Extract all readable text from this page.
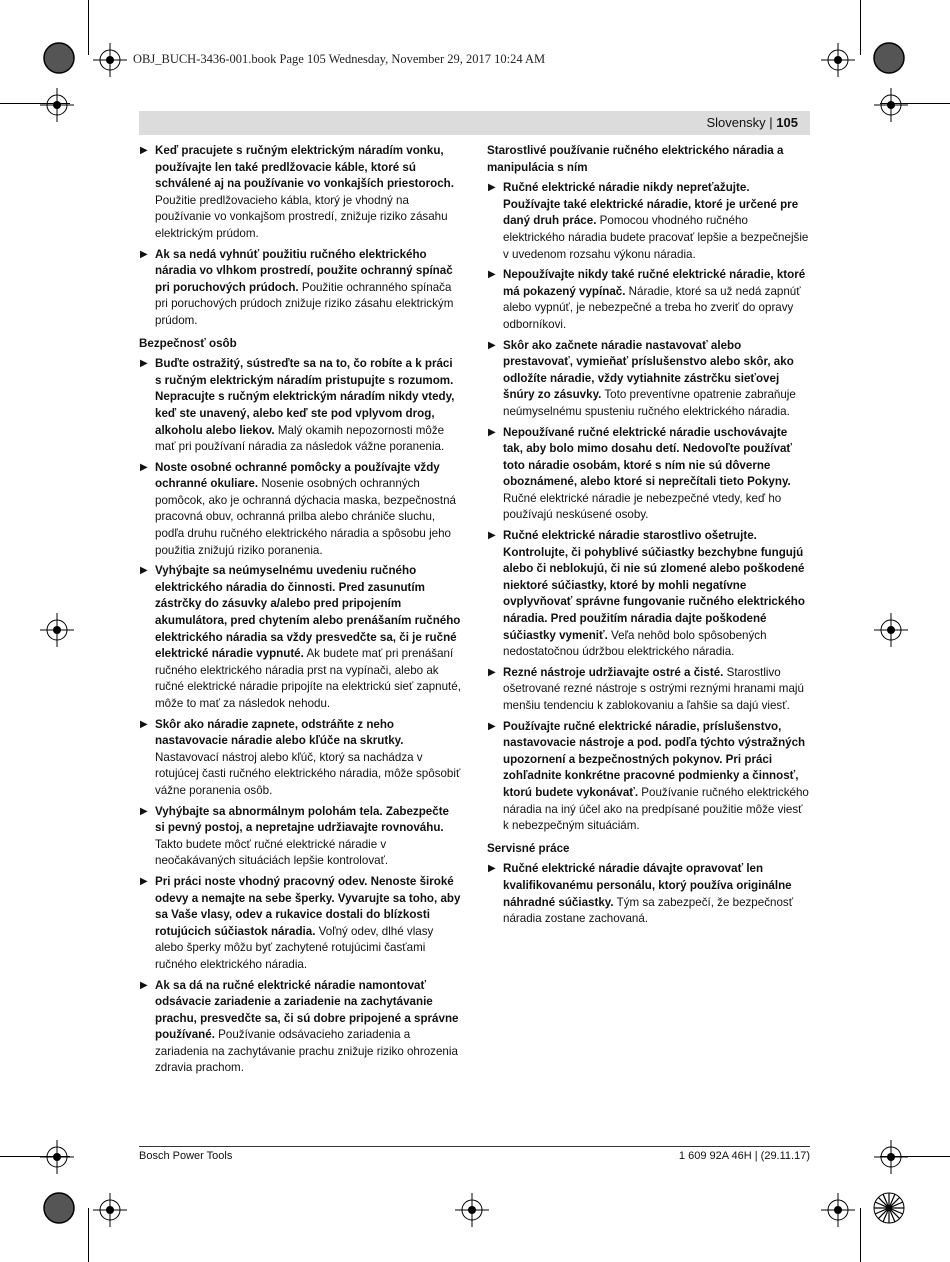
OBJ_BUCH-3436-001.book Page 105 Wednesday, November 29, 2017 10:24 AM
Slovensky | 105
▶ Keď pracujete s ručným elektrickým náradím vonku, používajte len také predlžovacie káble, ktoré sú schválené aj na používanie vo vonkajších priestoroch. Použitie predlžovacieho kábla, ktorý je vhodný na používanie vo vonkajšom prostredí, znižuje riziko zásahu elektrickým prúdom.
▶ Ak sa nedá vyhnúť použitiu ručného elektrického náradia vo vlhkom prostredí, použite ochranný spínač pri poruchových prúdoch. Použitie ochranného spínača pri poruchových prúdoch znižuje riziko zásahu elektrickým prúdom.
Bezpečnosť osôb
▶ Buďte ostražitý, sústreďte sa na to, čo robíte a k práci s ručným elektrickým náradím pristupujte s rozumom. Nepracujte s ručným elektrickým náradím nikdy vtedy, keď ste unavený, alebo keď ste pod vplyvom drog, alkoholu alebo liekov. Malý okamih nepozornosti môže mať pri používaní náradia za následok vážne poranenia.
▶ Noste osobné ochranné pomôcky a používajte vždy ochranné okuliare. Nosenie osobných ochranných pomôcok, ako je ochranná dýchacia maska, bezpečnostná pracovná obuv, ochranná prilba alebo chrániče sluchu, podľa druhu ručného elektrického náradia a spôsobu jeho použitia znižujú riziko poranenia.
▶ Vyhýbajte sa neúmyselnému uvedeniu ručného elektrického náradia do činnosti. Pred zasunutím zástrčky do zásuvky a/alebo pred pripojením akumulátora, pred chytením alebo prenášaním ručného elektrického náradia sa vždy presvedčte sa, či je ručné elektrické náradie vypnuté. Ak budete mať pri prenášaní ručného elektrického náradia prst na vypínači, alebo ak ručné elektrické náradie pripojíte na elektrickú sieť zapnuté, môže to mať za následok nehodu.
▶ Skôr ako náradie zapnete, odstráňte z neho nastavovacie náradie alebo kľúče na skrutky. Nastavovací nástroj alebo kľúč, ktorý sa nachádza v rotujúcej časti ručného elektrického náradia, môže spôsobiť vážne poranenia osôb.
▶ Vyhýbajte sa abnormálnym polohám tela. Zabezpečte si pevný postoj, a nepretajne udržiavajte rovnováhu. Takto budete môcť ručné elektrické náradie v neočakávaných situáciách lepšie kontrolovať.
▶ Pri práci noste vhodný pracovný odev. Nenoste široké odevy a nemajte na sebe šperky. Vyvarujte sa toho, aby sa Vaše vlasy, odev a rukavice dostali do blízkosti rotujúcich súčiastok náradia. Voľný odev, dlhé vlasy alebo šperky môžu byť zachytené rotujúcimi časťami ručného elektrického náradia.
▶ Ak sa dá na ručné elektrické náradie namontovať odsávacie zariadenie a zariadenie na zachytávanie prachu, presvedčte sa, či sú dobre pripojené a správne používané. Používanie odsávacieho zariadenia a zariadenia na zachytávanie prachu znižuje riziko ohrozenia zdravia prachom.
Starostlivé používanie ručného elektrického náradia a manipulácia s ním
▶ Ručné elektrické náradie nikdy nepreťažujte. Používajte také elektrické náradie, ktoré je určené pre daný druh práce. Pomocou vhodného ručného elektrického náradia budete pracovať lepšie a bezpečnejšie v uvedenom rozsahu výkonu náradia.
▶ Nepoužívajte nikdy také ručné elektrické náradie, ktoré má pokazený vypínač. Náradie, ktoré sa už nedá zapnúť alebo vypnúť, je nebezpečné a treba ho zveriť do opravy odborníkovi.
▶ Skôr ako začnete náradie nastavovať alebo prestavovať, vymieňať príslušenstvo alebo skôr, ako odložíte náradie, vždy vytiahnite zástrčku sieťovej šnúry zo zásuvky. Toto preventívne opatrenie zabraňuje neúmyselnému spusteniu ručného elektrického náradia.
▶ Nepoužívané ručné elektrické náradie uschovávajte tak, aby bolo mimo dosahu detí. Nedovoľte používať toto náradie osobám, ktoré s ním nie sú dôverne oboznámené, alebo ktoré si neprečítali tieto Pokyny. Ručné elektrické náradie je nebezpečné vtedy, keď ho používajú neskúsené osoby.
▶ Ručné elektrické náradie starostlivo ošetrujte. Kontrolujte, či pohyblivé súčiastky bezchybne fungujú alebo či neblokujú, či nie sú zlomené alebo poškodené niektoré súčiastky, ktoré by mohli negatívne ovplyvňovať správne fungovanie ručného elektrického náradia. Pred použitím náradia dajte poškodené súčiastky vymeniť. Veľa nehôd bolo spôsobených nedostatočnou údržbou elektrického náradia.
▶ Rezné nástroje udržiavajte ostré a čisté. Starostlivo ošetrované rezné nástroje s ostrými reznými hranami majú menšiu tendenciu k zablokovaniu a ľahšie sa dajú viesť.
▶ Používajte ručné elektrické náradie, príslušenstvo, nastavovacie nástroje a pod. podľa týchto výstražných upozornení a bezpečnostných pokynov. Pri práci zohľadnite konkrétne pracovné podmienky a činnosť, ktorú budete vykonávať. Používanie ručného elektrického náradia na iný účel ako na predpísané použitie môže viesť k nebezpečným situáciám.
Servisné práce
▶ Ručné elektrické náradie dávajte opravovať len kvalifikovanému personálu, ktorý používa originálne náhradné súčiastky. Tým sa zabezpečí, že bezpečnosť náradia zostane zachovaná.
Bosch Power Tools	1 609 92A 46H | (29.11.17)
